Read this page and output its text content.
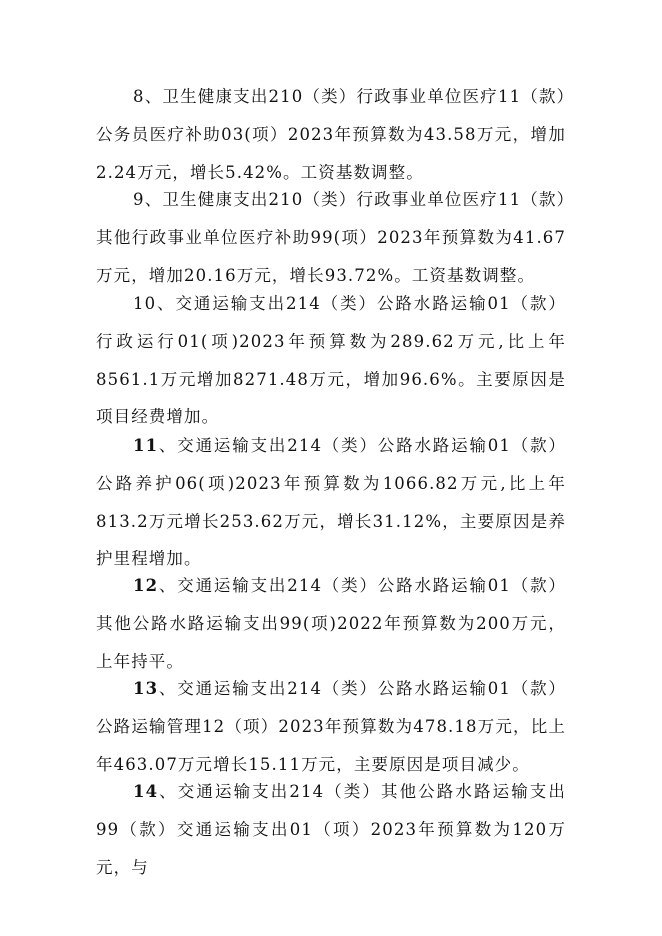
8、卫生健康支出210（类）行政事业单位医疗11（款）公务员医疗补助03(项）2023年预算数为43.58万元，增加2.24万元，增长5.42%。工资基数调整。

9、卫生健康支出210（类）行政事业单位医疗11（款）其他行政事业单位医疗补助99(项）2023年预算数为41.67万元，增加20.16万元，增长93.72%。工资基数调整。

10、交通运输支出214（类）公路水路运输01（款）行政运行01(项)2023年预算数为289.62万元,比上年8561.1万元增加8271.48万元，增加96.6%。主要原因是项目经费增加。

11、交通运输支出214（类）公路水路运输01（款）公路养护06(项)2023年预算数为1066.82万元,比上年813.2万元增长253.62万元，增长31.12%，主要原因是养护里程增加。

12、交通运输支出214（类）公路水路运输01（款）其他公路水路运输支出99(项)2022年预算数为200万元，上年持平。

13、交通运输支出214（类）公路水路运输01（款）公路运输管理12（项）2023年预算数为478.18万元，比上年463.07万元增长15.11万元，主要原因是项目减少。

14、交通运输支出214（类）其他公路水路运输支出99（款）交通运输支出01（项）2023年预算数为120万元，与
